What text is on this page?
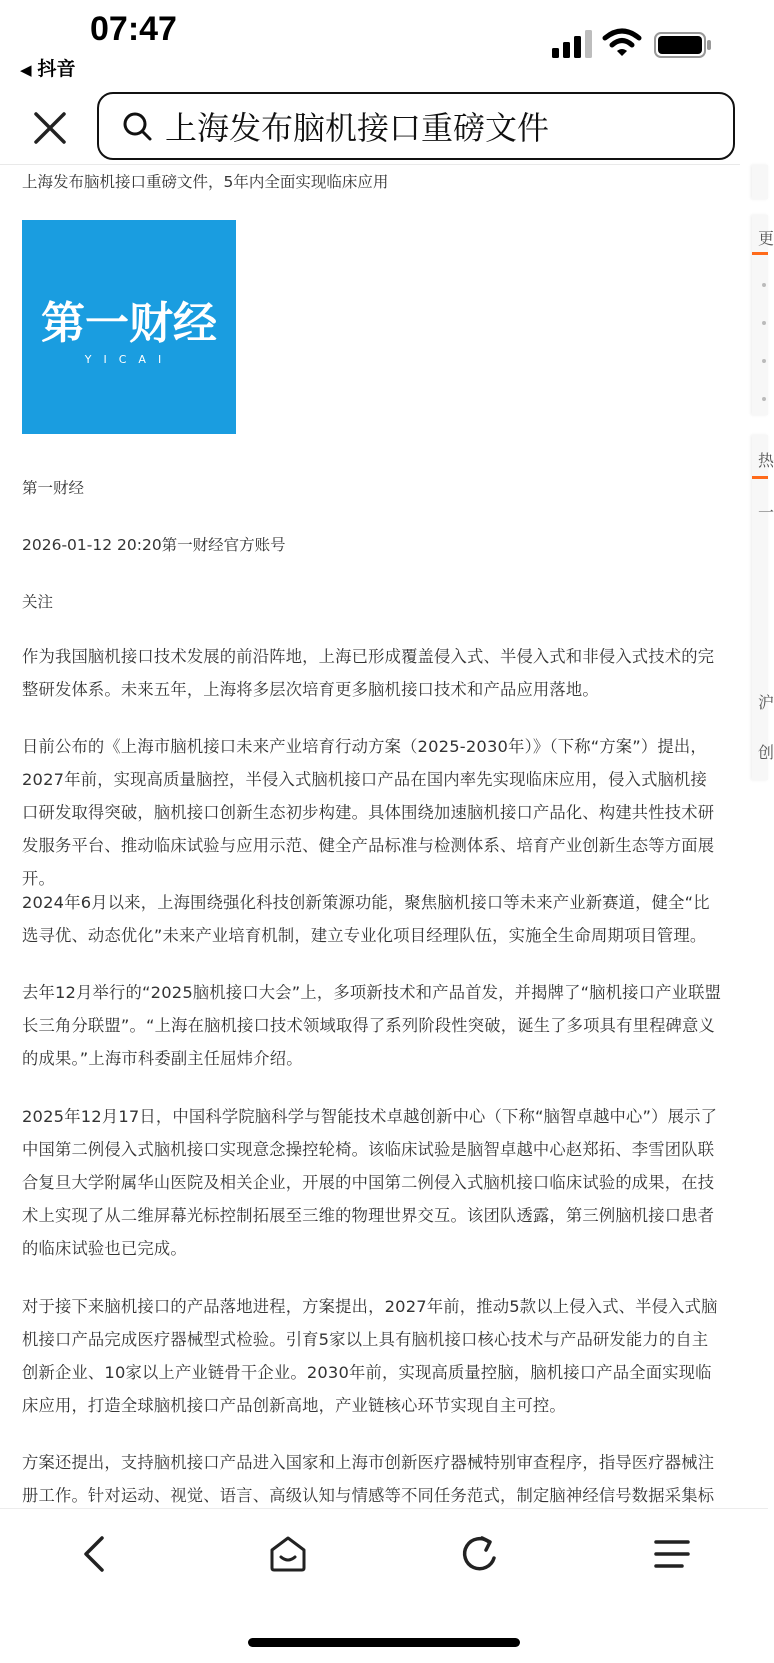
07:47
◀ 抖音
上海发布脑机接口重磅文件
上海发布脑机接口重磅文件，5年内全面实现临床应用
第一财经
YICAI
第一财经
2026-01-12 20:20第一财经官方账号
关注
作为我国脑机接口技术发展的前沿阵地，上海已形成覆盖侵入式、半侵入式和非侵入式技术的完整研发体系。未来五年，上海将多层次培育更多脑机接口技术和产品应用落地。
日前公布的《上海市脑机接口未来产业培育行动方案（2025-2030年）》（下称“方案”）提出，2027年前，实现高质量脑控，半侵入式脑机接口产品在国内率先实现临床应用，侵入式脑机接口研发取得突破，脑机接口创新生态初步构建。具体围绕加速脑机接口产品化、构建共性技术研发服务平台、推动临床试验与应用示范、健全产品标准与检测体系、培育产业创新生态等方面展开。
2024年6月以来，上海围绕强化科技创新策源功能，聚焦脑机接口等未来产业新赛道，健全“比选寻优、动态优化”未来产业培育机制，建立专业化项目经理队伍，实施全生命周期项目管理。
去年12月举行的“2025脑机接口大会”上，多项新技术和产品首发，并揭牌了“脑机接口产业联盟长三角分联盟”。“上海在脑机接口技术领域取得了系列阶段性突破，诞生了多项具有里程碑意义的成果。”上海市科委副主任屈炜介绍。
2025年12月17日，中国科学院脑科学与智能技术卓越创新中心（下称“脑智卓越中心”）展示了中国第二例侵入式脑机接口实现意念操控轮椅。该临床试验是脑智卓越中心赵郑拓、李雪团队联合复旦大学附属华山医院及相关企业，开展的中国第二例侵入式脑机接口临床试验的成果，在技术上实现了从二维屏幕光标控制拓展至三维的物理世界交互。该团队透露，第三例脑机接口患者的临床试验也已完成。
对于接下来脑机接口的产品落地进程，方案提出，2027年前，推动5款以上侵入式、半侵入式脑机接口产品完成医疗器械型式检验。引育5家以上具有脑机接口核心技术与产品研发能力的自主创新企业、10家以上产业链骨干企业。2030年前，实现高质量控脑，脑机接口产品全面实现临床应用，打造全球脑机接口产品创新高地，产业链核心环节实现自主可控。
方案还提出，支持脑机接口产品进入国家和上海市创新医疗器械特别审查程序，指导医疗器械注册工作。针对运动、视觉、语言、高级认知与情感等不同任务范式，制定脑神经信号数据采集标
更
热
一
沪
创
